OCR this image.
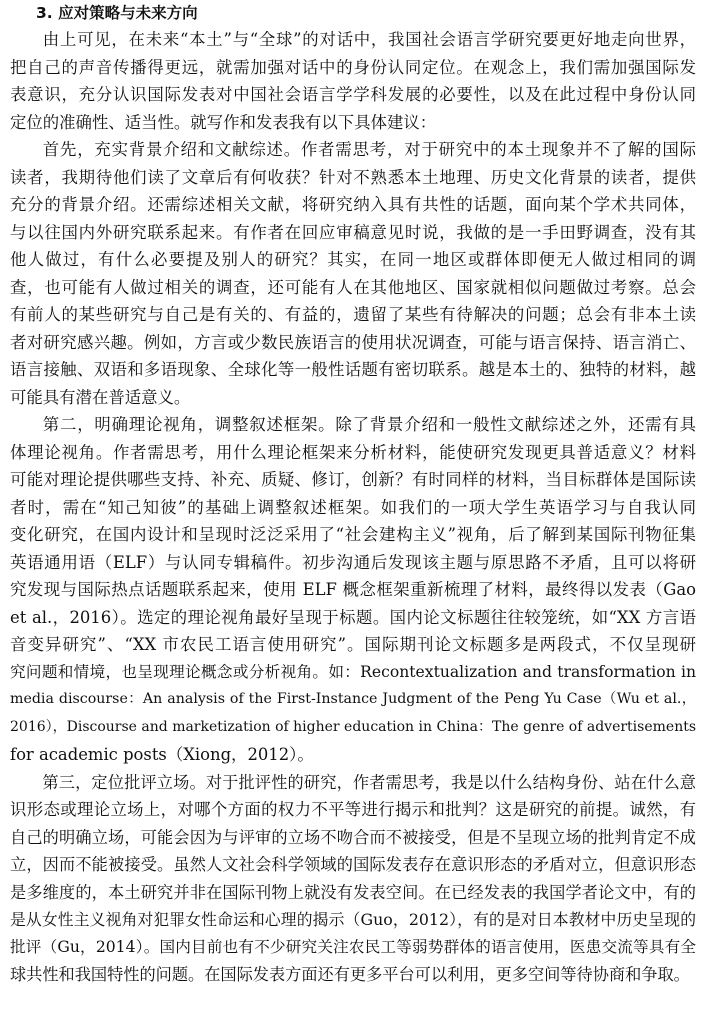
3. 应对策略与未来方向
由上可见，在未来“本土”与“全球”的对话中，我国社会语言学研究要更好地走向世界，
把自己的声音传播得更远，就需加强对话中的身份认同定位。在观念上，我们需加强国际发
表意识，充分认识国际发表对中国社会语言学学科发展的必要性，以及在此过程中身份认同
定位的准确性、适当性。就写作和发表我有以下具体建议：
首先，充实背景介绍和文献综述。作者需思考，对于研究中的本土现象并不了解的国际
读者，我期待他们读了文章后有何收获？针对不熟悉本土地理、历史文化背景的读者，提供
充分的背景介绍。还需综述相关文献，将研究纳入具有共性的话题，面向某个学术共同体，
与以往国内外研究联系起来。有作者在回应审稿意见时说，我做的是一手田野调查，没有其
他人做过，有什么必要提及别人的研究？其实，在同一地区或群体即便无人做过相同的调
查，也可能有人做过相关的调查，还可能有人在其他地区、国家就相似问题做过考察。总会
有前人的某些研究与自己是有关的、有益的，遗留了某些有待解决的问题；总会有非本土读
者对研究感兴趣。例如，方言或少数民族语言的使用状况调查，可能与语言保持、语言消亡、
语言接触、双语和多语现象、全球化等一般性话题有密切联系。越是本土的、独特的材料，越
可能具有潜在普适意义。
第二，明确理论视角，调整叙述框架。除了背景介绍和一般性文献综述之外，还需有具
体理论视角。作者需思考，用什么理论框架来分析材料，能使研究发现更具普适意义？材料
可能对理论提供哪些支持、补充、质疑、修订，创新？有时同样的材料，当目标群体是国际读
者时，需在“知己知彼”的基础上调整叙述框架。如我们的一项大学生英语学习与自我认同
变化研究，在国内设计和呈现时泛泛采用了“社会建构主义”视角，后了解到某国际刊物征集
英语通用语（ELF）与认同专辑稿件。初步沟通后发现该主题与原思路不矛盾，且可以将研
究发现与国际热点话题联系起来，使用 ELF 概念框架重新梳理了材料，最终得以发表（Gao
et al.，2016）。选定的理论视角最好呈现于标题。国内论文标题往往较笼统，如“XX 方言语
音变异研究”、“XX 市农民工语言使用研究”。国际期刊论文标题多是两段式，不仅呈现研
究问题和情境，也呈现理论概念或分析视角。如：Recontextualization and transformation in
media discourse：An analysis of the First-Instance Judgment of the Peng Yu Case（Wu et al.，
2016），Discourse and marketization of higher education in China：The genre of advertisements
for academic posts（Xiong，2012）。
第三，定位批评立场。对于批评性的研究，作者需思考，我是以什么结构身份、站在什么意
识形态或理论立场上，对哪个方面的权力不平等进行揭示和批判？这是研究的前提。诚然，有
自己的明确立场，可能会因为与评审的立场不吻合而不被接受，但是不呈现立场的批判肯定不成
立，因而不能被接受。虽然人文社会科学领域的国际发表存在意识形态的矛盾对立，但意识形态
是多维度的，本土研究并非在国际刊物上就没有发表空间。在已经发表的我国学者论文中，有的
是从女性主义视角对犯罪女性命运和心理的揭示（Guo，2012），有的是对日本教材中历史呈现的
批评（Gu，2014）。国内目前也有不少研究关注农民工等弱势群体的语言使用，医患交流等具有全
球共性和我国特性的问题。在国际发表方面还有更多平台可以利用，更多空间等待协商和争取。
